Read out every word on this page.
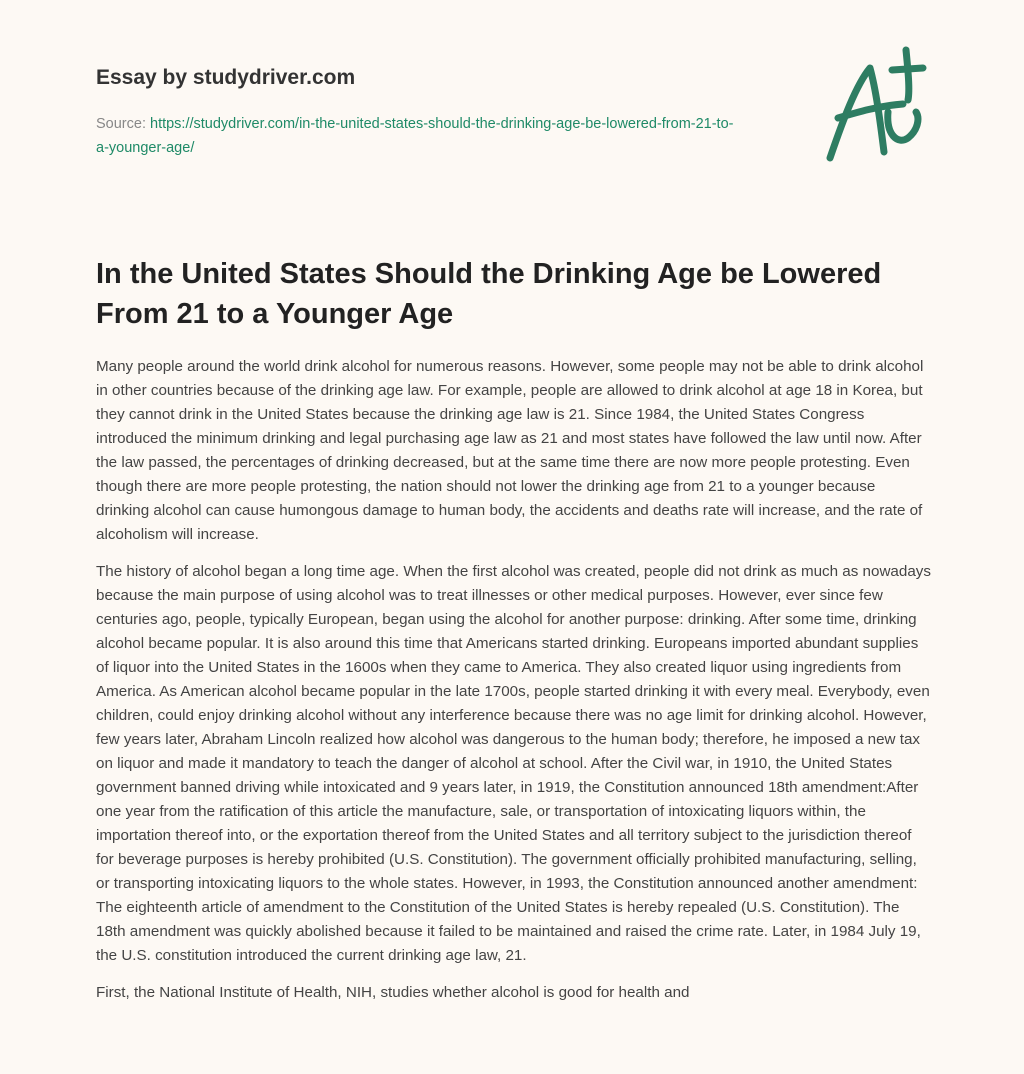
Essay by studydriver.com
Source: https://studydriver.com/in-the-united-states-should-the-drinking-age-be-lowered-from-21-to-a-younger-age/
In the United States Should the Drinking Age be Lowered From 21 to a Younger Age

Many people around the world drink alcohol for numerous reasons. However, some people may not be able to drink alcohol in other countries because of the drinking age law. For example, people are allowed to drink alcohol at age 18 in Korea, but they cannot drink in the United States because the drinking age law is 21. Since 1984, the United States Congress introduced the minimum drinking and legal purchasing age law as 21 and most states have followed the law until now. After the law passed, the percentages of drinking decreased, but at the same time there are now more people protesting. Even though there are more people protesting, the nation should not lower the drinking age from 21 to a younger because drinking alcohol can cause humongous damage to human body, the accidents and deaths rate will increase, and the rate of alcoholism will increase.

The history of alcohol began a long time age. When the first alcohol was created, people did not drink as much as nowadays because the main purpose of using alcohol was to treat illnesses or other medical purposes. However, ever since few centuries ago, people, typically European, began using the alcohol for another purpose: drinking. After some time, drinking alcohol became popular. It is also around this time that Americans started drinking. Europeans imported abundant supplies of liquor into the United States in the 1600s when they came to America. They also created liquor using ingredients from America. As American alcohol became popular in the late 1700s, people started drinking it with every meal. Everybody, even children, could enjoy drinking alcohol without any interference because there was no age limit for drinking alcohol. However, few years later, Abraham Lincoln realized how alcohol was dangerous to the human body; therefore, he imposed a new tax on liquor and made it mandatory to teach the danger of alcohol at school. After the Civil war, in 1910, the United States government banned driving while intoxicated and 9 years later, in 1919, the Constitution announced 18th amendment:After one year from the ratification of this article the manufacture, sale, or transportation of intoxicating liquors within, the importation thereof into, or the exportation thereof from the United States and all territory subject to the jurisdiction thereof for beverage purposes is hereby prohibited (U.S. Constitution). The government officially prohibited manufacturing, selling, or transporting intoxicating liquors to the whole states. However, in 1993, the Constitution announced another amendment: The eighteenth article of amendment to the Constitution of the United States is hereby repealed (U.S. Constitution). The 18th amendment was quickly abolished because it failed to be maintained and raised the crime rate. Later, in 1984 July 19, the U.S. constitution introduced the current drinking age law, 21.

First, the National Institute of Health, NIH, studies whether alcohol is good for health and
